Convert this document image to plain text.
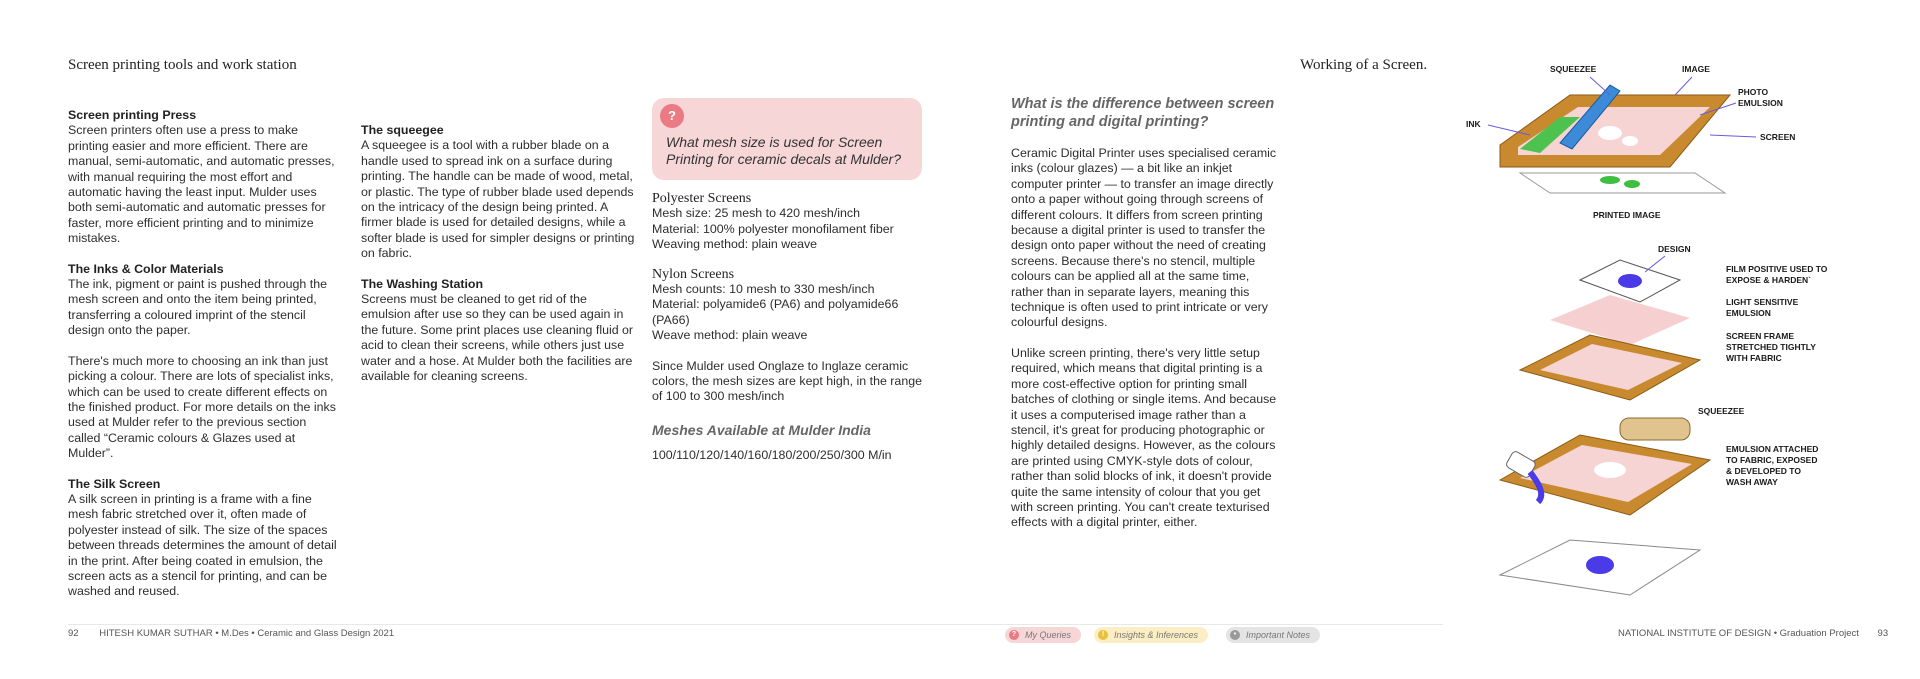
Screen printing tools and work station

Screen printing Press

Screen printers often use a press to make printing easier and more efficient. There are manual, semi-automatic, and automatic presses, with manual requiring the most effort and automatic having the least input. Mulder uses both semi-automatic and automatic presses for faster, more efficient printing and to minimize mistakes.

The Inks & Color Materials

The ink, pigment or paint is pushed through the mesh screen and onto the item being printed, transferring a coloured imprint of the stencil design onto the paper.

There's much more to choosing an ink than just picking a colour. There are lots of specialist inks, which can be used to create different effects on the finished product. For more details on the inks used at Mulder refer to the previous section called “Ceramic colours & Glazes used at Mulder”.

The Silk Screen

A silk screen in printing is a frame with a fine mesh fabric stretched over it, often made of polyester instead of silk. The size of the spaces between threads determines the amount of detail in the print. After being coated in emulsion, the screen acts as a stencil for printing, and can be washed and reused.

The squeegee

A squeegee is a tool with a rubber blade on a handle used to spread ink on a surface during printing. The handle can be made of wood, metal, or plastic. The type of rubber blade used depends on the intricacy of the design being printed. A firmer blade is used for detailed designs, while a softer blade is used for simpler designs or printing on fabric.

The Washing Station

Screens must be cleaned to get rid of the emulsion after use so they can be used again in the future. Some print places use cleaning fluid or acid to clean their screens, while others just use water and a hose. At Mulder both the facilities are available for cleaning screens.

?
What mesh size is used for Screen Printing for ceramic decals at Mulder?

Polyester Screens

Mesh size: 25 mesh to 420 mesh/inch

Material: 100% polyester monofilament fiber

Weaving method: plain weave

Nylon Screens

Mesh counts: 10 mesh to 330 mesh/inch

Material: polyamide6 (PA6) and polyamide66 (PA66)

Weave method: plain weave

Since Mulder used Onglaze to Inglaze ceramic colors, the mesh sizes are kept high, in the range of 100 to 300 mesh/inch

Meshes Available at Mulder India

100/110/120/140/160/180/200/250/300 M/in

What is the difference between screen printing and digital printing?

Ceramic Digital Printer uses specialised ceramic inks (colour glazes) — a bit like an inkjet computer printer — to transfer an image directly onto a paper without going through screens of different colours. It differs from screen printing because a digital printer is used to transfer the design onto paper without the need of creating screens. Because there's no stencil, multiple colours can be applied all at the same time, rather than in separate layers, meaning this technique is often used to print intricate or very colourful designs.

Unlike screen printing, there's very little setup required, which means that digital printing is a more cost-effective option for printing small batches of clothing or single items. And because it uses a computerised image rather than a stencil, it's great for producing photographic or highly detailed designs. However, as the colours are printed using CMYK-style dots of colour, rather than solid blocks of ink, it doesn't provide quite the same intensity of colour that you get with screen printing. You can't create texturised effects with a digital printer, either.

Working of a Screen.	SQUEEZEE	IMAGE
PHOTO
EMULSION
INK
SCREEN
PRINTED IMAGE
DESIGN
FILM POSITIVE USED TO
EXPOSE & HARDEN`
LIGHT SENSITIVE
EMULSION
SCREEN FRAME
STRETCHED TIGHTLY
WITH FABRIC
SQUEEZEE
EMULSION ATTACHED
TO FABRIC, EXPOSED
& DEVELOPED TO
WASH AWAY
92 HITESH KUMAR SUTHAR • M.Des • Ceramic and Glass Design 2021	? My Queries	!	Insights & Inferences	•	Important Notes	NATIONAL INSTITUTE OF DESIGN • Graduation Project 93
